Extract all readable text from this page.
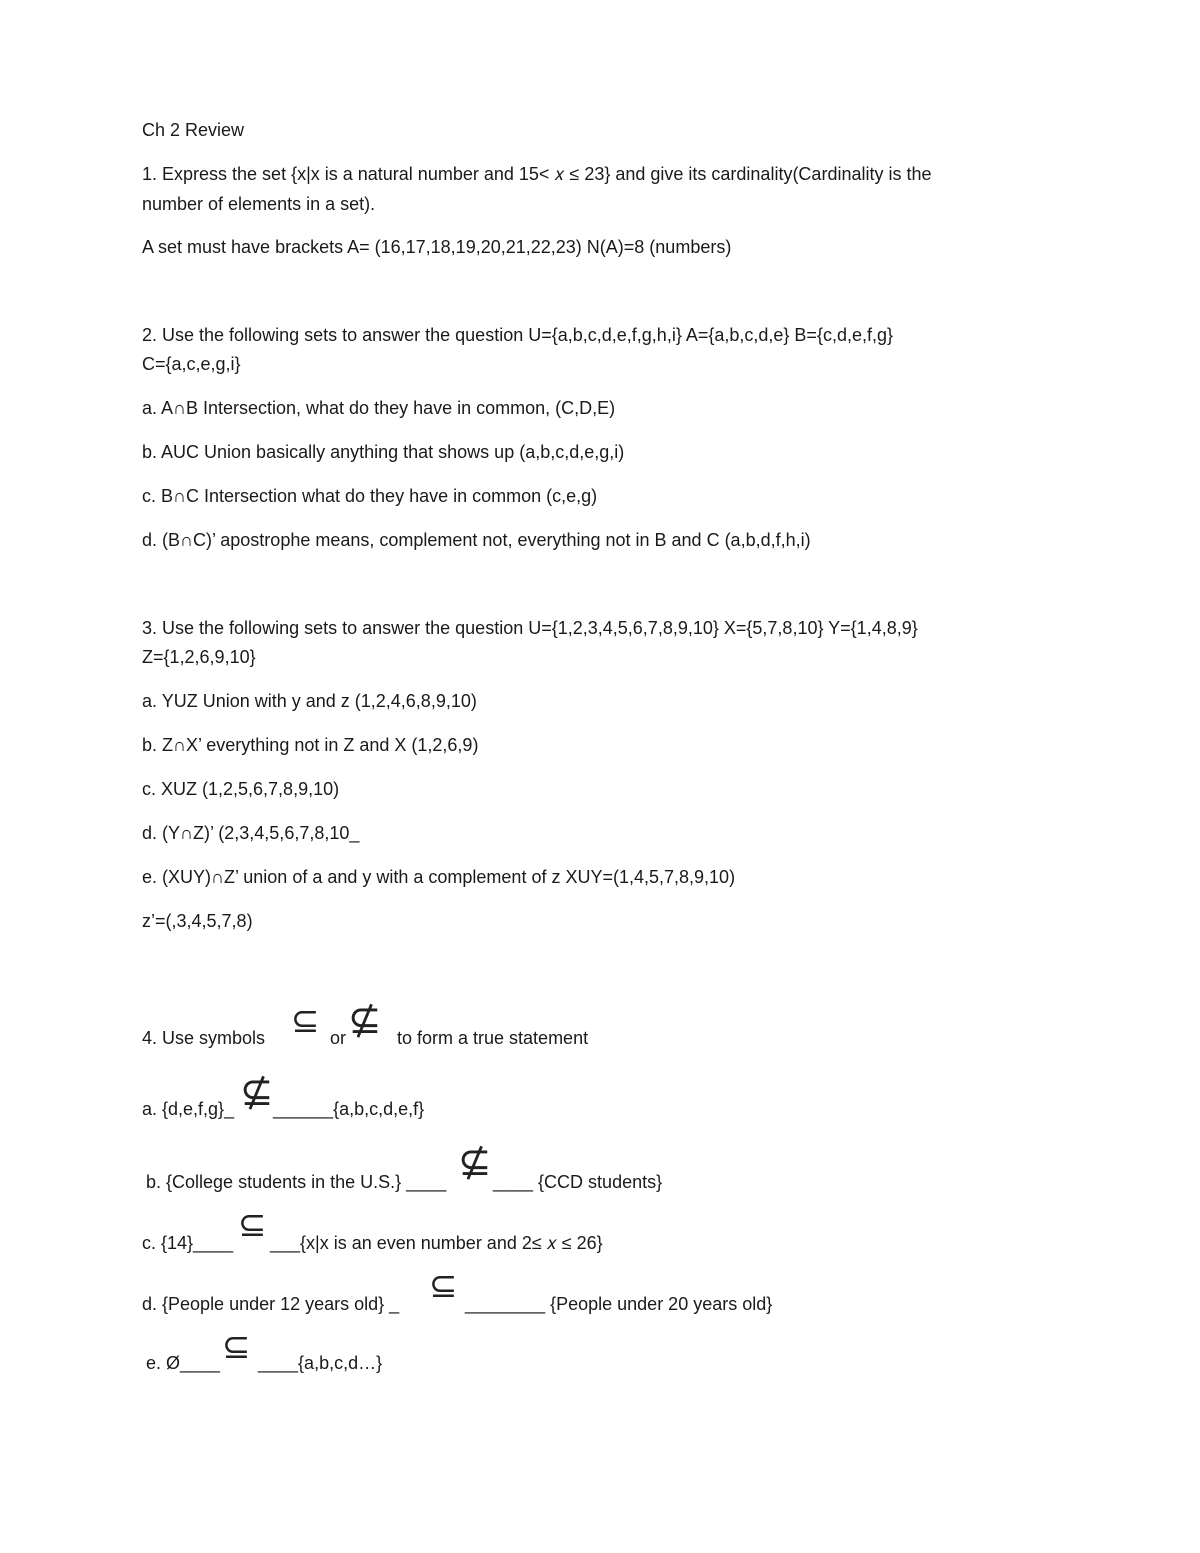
Ch 2 Review
1. Express the set {x|x is a natural number and 15< 𝑥 ≤ 23} and give its cardinality(Cardinality is the
number of elements in a set).
A set must have brackets A= (16,17,18,19,20,21,22,23) N(A)=8 (numbers)
2. Use the following sets to answer the question U={a,b,c,d,e,f,g,h,i} A={a,b,c,d,e} B={c,d,e,f,g}
C={a,c,e,g,i}
a. A∩B Intersection, what do they have in common, (C,D,E)
b. AUC Union basically anything that shows up (a,b,c,d,e,g,i)
c. B∩C Intersection what do they have in common (c,e,g)
d. (B∩C)’ apostrophe means, complement not, everything not in B and C (a,b,d,f,h,i)
3. Use the following sets to answer the question U={1,2,3,4,5,6,7,8,9,10} X={5,7,8,10} Y={1,4,8,9}
Z={1,2,6,9,10}
a. YUZ Union with y and z (1,2,4,6,8,9,10)
b. Z∩X’ everything not in Z and X (1,2,6,9)
c. XUZ (1,2,5,6,7,8,9,10)
d. (Y∩Z)’ (2,3,4,5,6,7,8,10_
e. (XUY)∩Z’ union of a and y with a complement of z XUY=(1,4,5,7,8,9,10)
z’=(,3,4,5,7,8)
4. Use symbols ⊆ or ⊈ to form a true statement
a. {d,e,f,g}_ ⊈ ______{a,b,c,d,e,f}
b. {College students in the U.S.} ____ ⊈ ____ {CCD students}
c. {14}____ ⊆ ___{x|x is an even number and 2≤ 𝑥 ≤ 26}
d. {People under 12 years old} _ ⊆ ________ {People under 20 years old}
e. Ø____ ⊆ ____{a,b,c,d…}
